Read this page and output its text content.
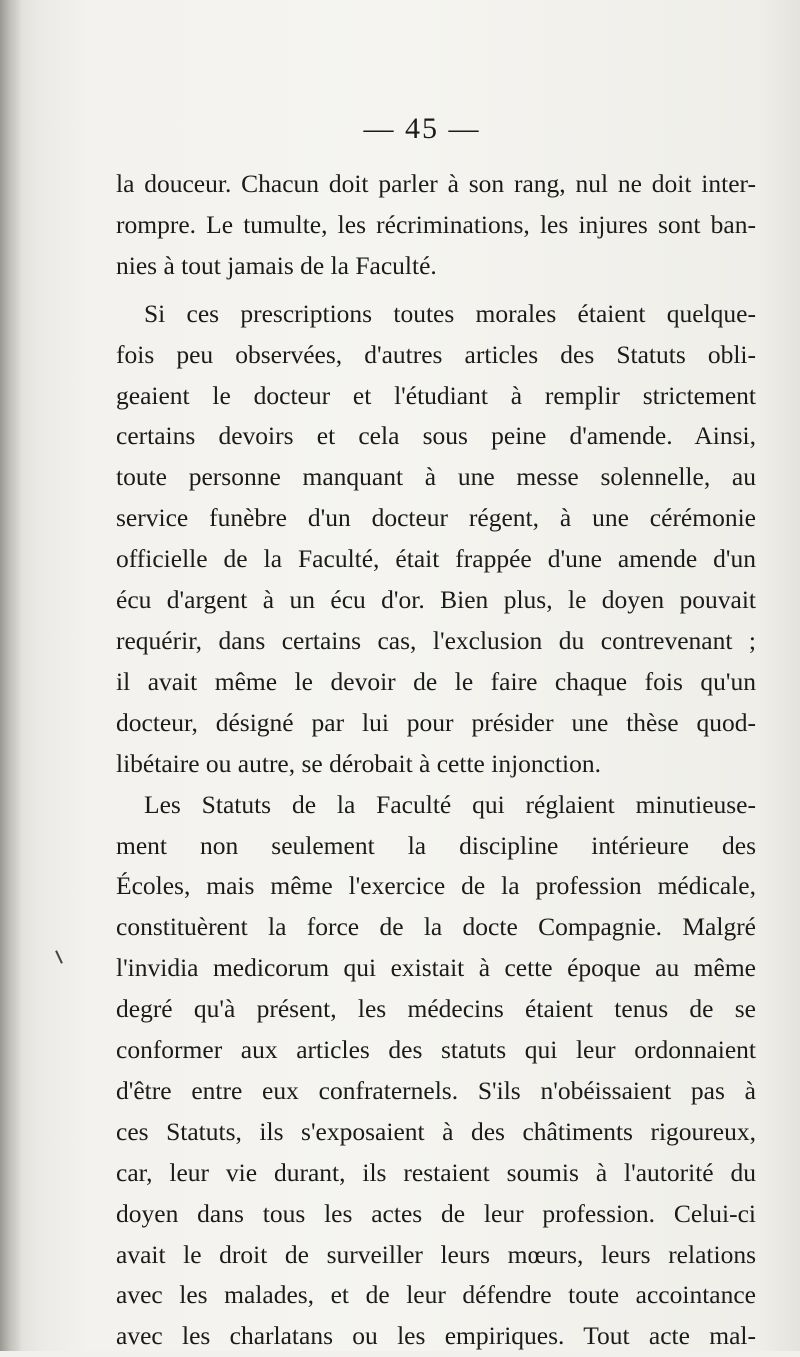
— 45 —
la douceur. Chacun doit parler à son rang, nul ne doit inter-
rompre. Le tumulte, les récriminations, les injures sont ban-
nies à tout jamais de la Faculté.
Si ces prescriptions toutes morales étaient quelque-
fois peu observées, d'autres articles des Statuts obli-
geaient le docteur et l'étudiant à remplir strictement
certains devoirs et cela sous peine d'amende. Ainsi,
toute personne manquant à une messe solennelle, au
service funèbre d'un docteur régent, à une cérémonie
officielle de la Faculté, était frappée d'une amende d'un
écu d'argent à un écu d'or. Bien plus, le doyen pouvait
requérir, dans certains cas, l'exclusion du contrevenant ;
il avait même le devoir de le faire chaque fois qu'un
docteur, désigné par lui pour présider une thèse quod-
libétaire ou autre, se dérobait à cette injonction.
Les Statuts de la Faculté qui réglaient minutieuse-
ment non seulement la discipline intérieure des
Écoles, mais même l'exercice de la profession médicale,
constituèrent la force de la docte Compagnie. Malgré
l'invidia medicorum qui existait à cette époque au même
degré qu'à présent, les médecins étaient tenus de se
conformer aux articles des statuts qui leur ordonnaient
d'être entre eux confraternels. S'ils n'obéissaient pas à
ces Statuts, ils s'exposaient à des châtiments rigoureux,
car, leur vie durant, ils restaient soumis à l'autorité du
doyen dans tous les actes de leur profession. Celui-ci
avait le droit de surveiller leurs mœurs, leurs relations
avec les malades, et de leur défendre toute accointance
avec les charlatans ou les empiriques. Tout acte mal-
